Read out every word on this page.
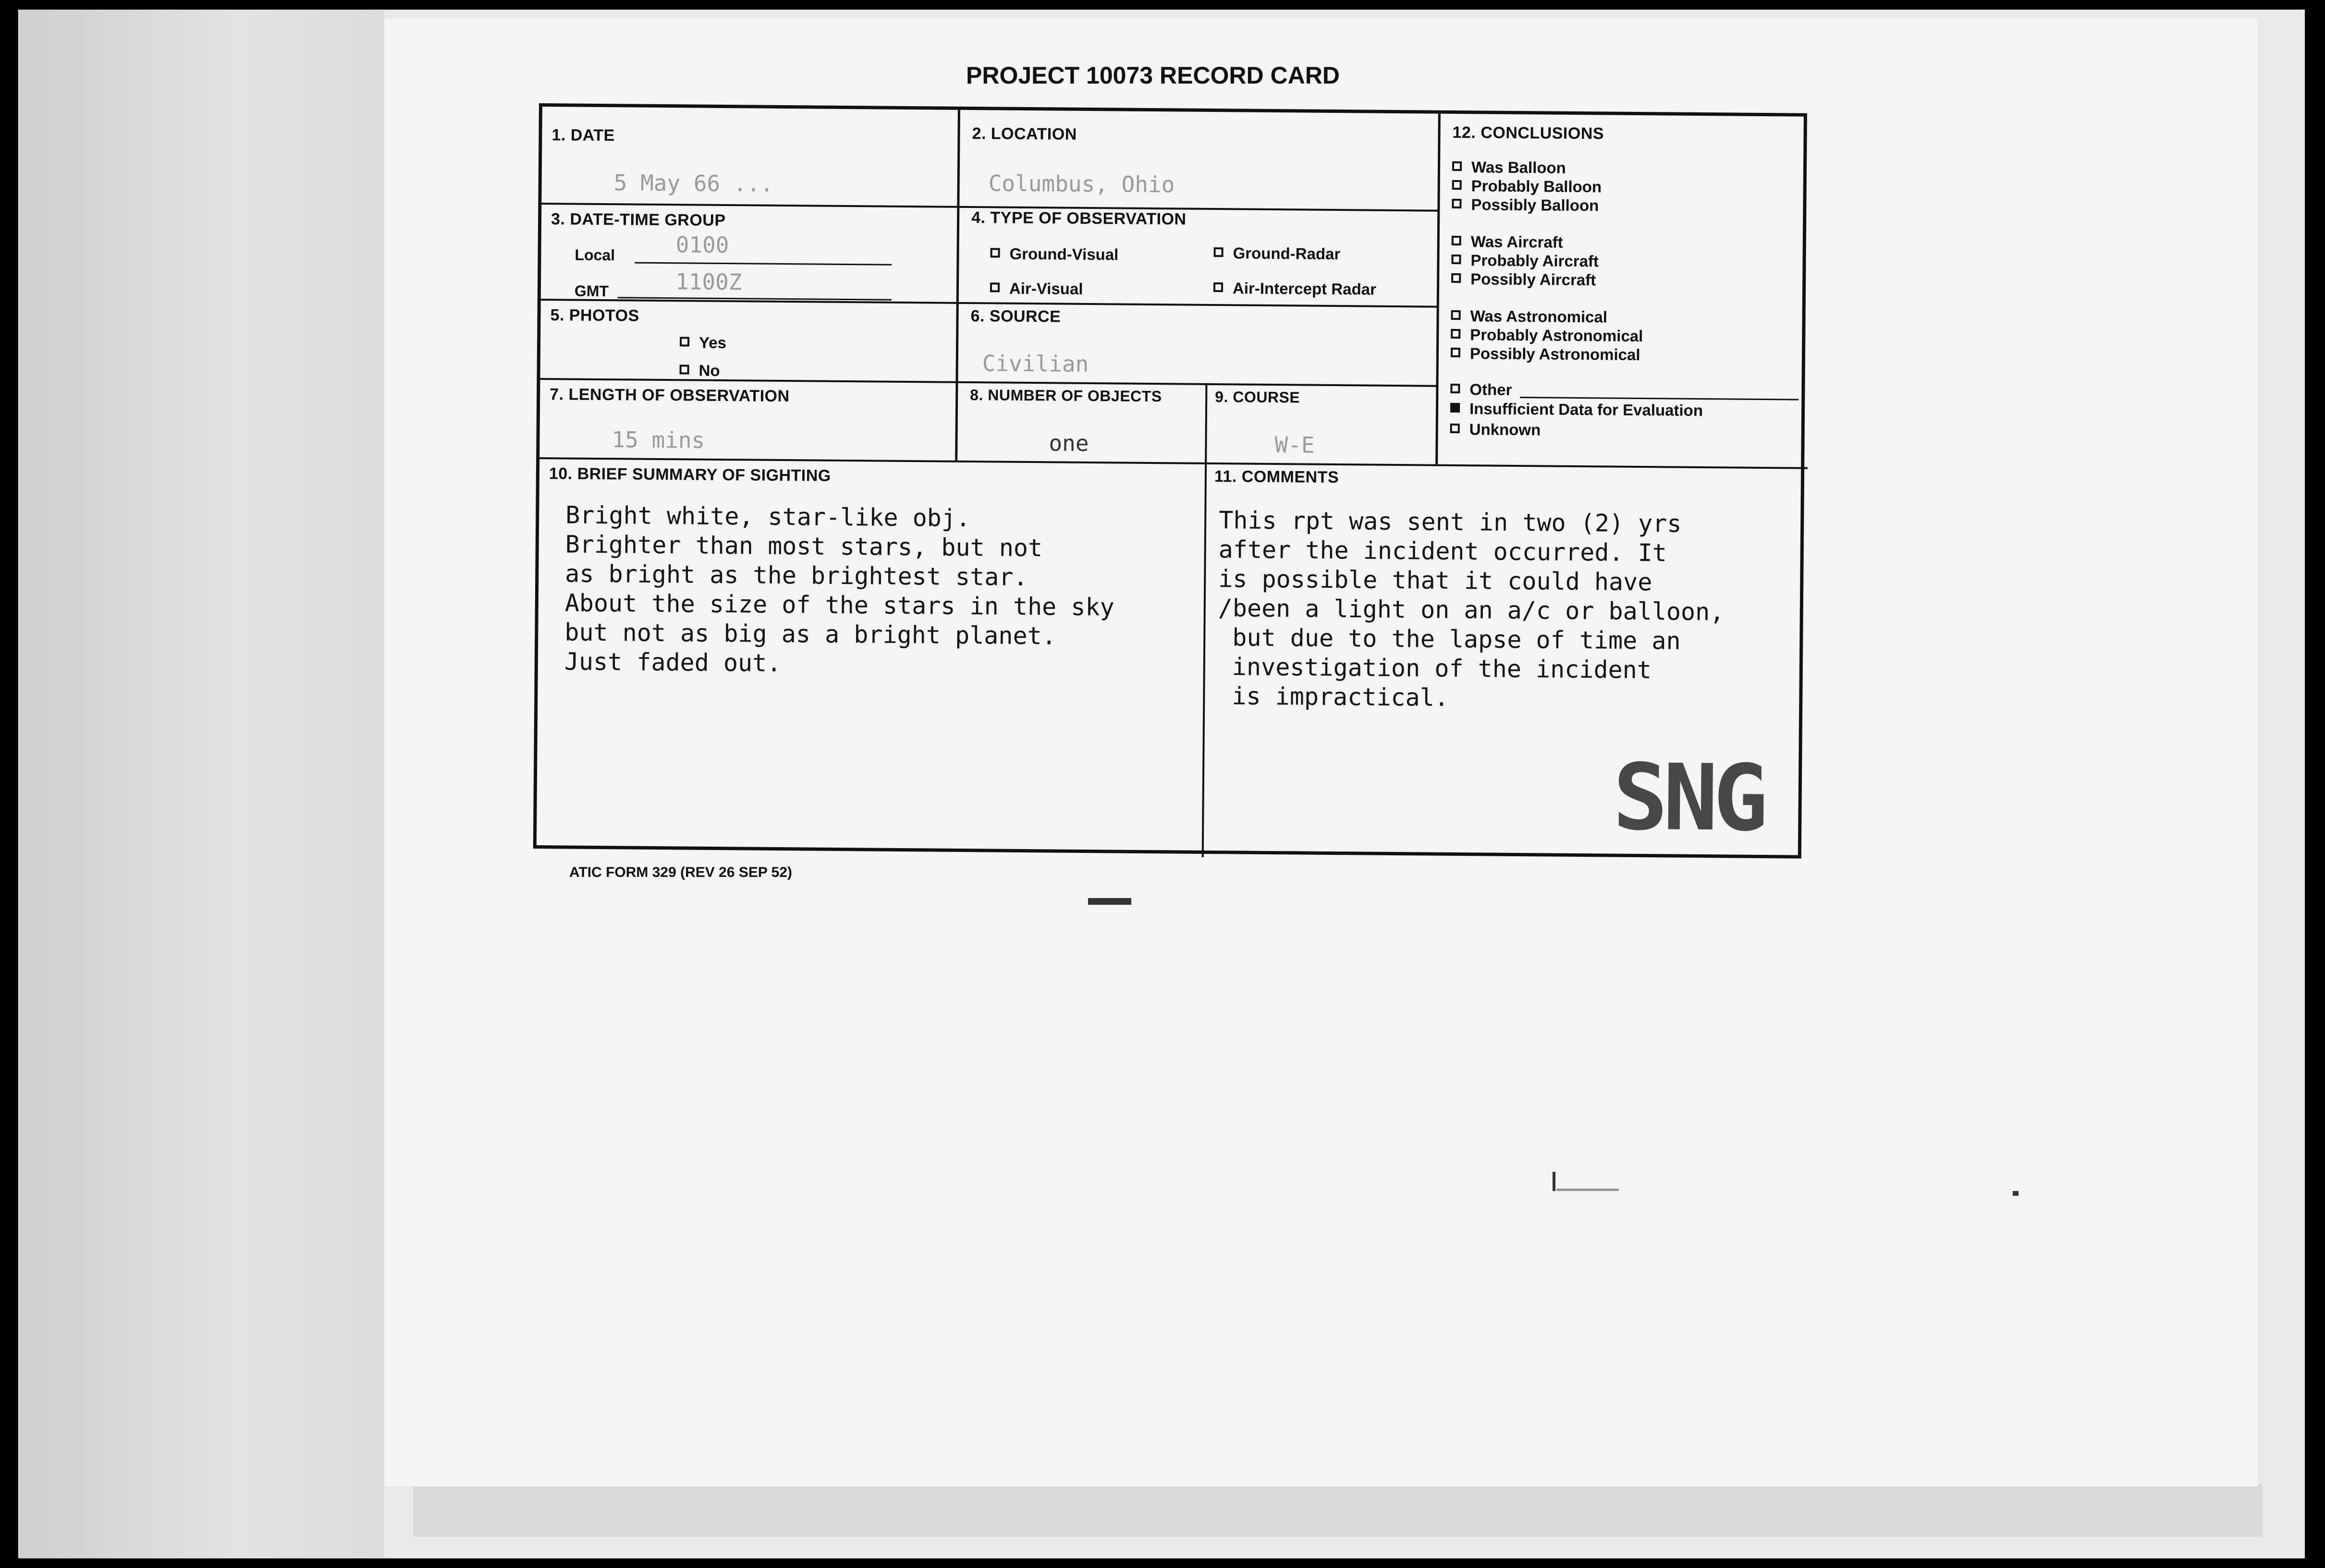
PROJECT 10073 RECORD CARD
1. DATE
5 May 66 ...
2. LOCATION
Columbus, Ohio
3. DATE-TIME GROUP
Local	0100
GMT	1100Z
4. TYPE OF OBSERVATION
Ground-Visual	Ground-Radar
Air-Visual	Air-Intercept Radar
5. PHOTOS
Yes
No
6. SOURCE
Civilian
7. LENGTH OF OBSERVATION
15 mins
8. NUMBER OF OBJECTS
one
9. COURSE
W-E
10. BRIEF SUMMARY OF SIGHTING
Bright white, star-like obj.
Brighter than most stars, but not
as bright as the brightest star.
About the size of the stars in the sky
but not as big as a bright planet.
Just faded out.
11. COMMENTS
This rpt was sent in two (2) yrs
after the incident occurred. It
is possible that it could have
/been a light on an a/c or balloon,
but due to the lapse of time an
investigation of the incident
is impractical.
12. CONCLUSIONS
Was Balloon
Probably Balloon
Possibly Balloon
Was Aircraft
Probably Aircraft
Possibly Aircraft
Was Astronomical
Probably Astronomical
Possibly Astronomical
Other
Insufficient Data for Evaluation
Unknown
SNG
ATIC FORM 329 (REV 26 SEP 52)
